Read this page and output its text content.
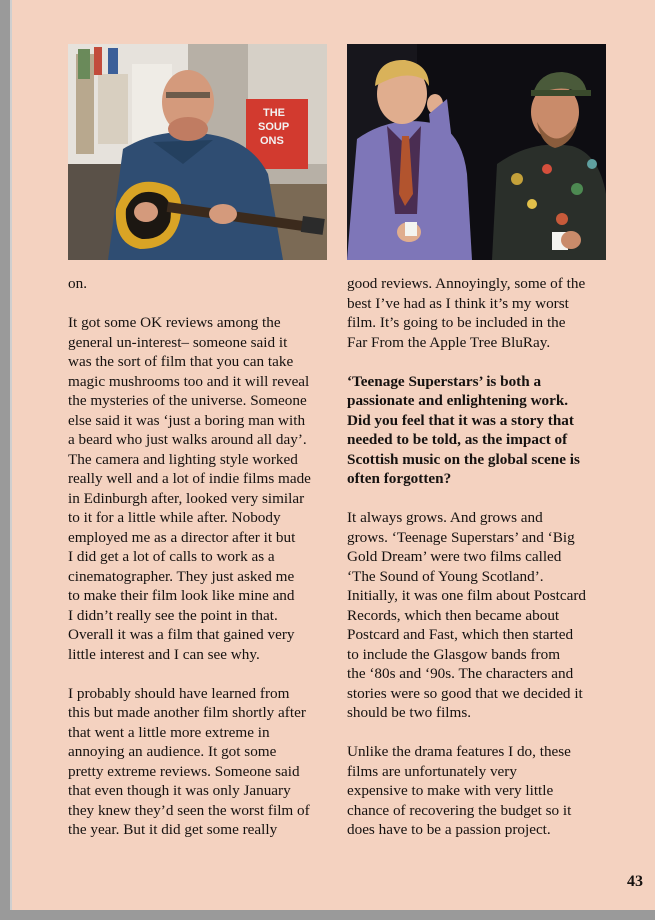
THE
SOUP
ONS

on.

It got some OK reviews among the

general un-interest– someone said it

was the sort of film that you can take

magic mushrooms too and it will reveal

the mysteries of the universe. Someone

else said it was ‘just a boring man with

a beard who just walks around all day’.

The camera and lighting style worked

really well and a lot of indie films made

in Edinburgh after, looked very similar

to it for a little while after. Nobody

employed me as a director after it but

I did get a lot of calls to work as a

cinematographer. They just asked me

to make their film look like mine and

I didn’t really see the point in that.

Overall it was a film that gained very

little interest and I can see why.

I probably should have learned from

this but made another film shortly after

that went a little more extreme in

annoying an audience. It got some

pretty extreme reviews. Someone said

that even though it was only January

they knew they’d seen the worst film of

the year. But it did get some really

good reviews. Annoyingly, some of the

best I’ve had as I think it’s my worst

film. It’s going to be included in the

Far From the Apple Tree BluRay.

‘Teenage Superstars’ is both a

passionate and enlightening work.

Did you feel that it was a story that

needed to be told, as the impact of

Scottish music on the global scene is

often forgotten?

It always grows. And grows and

grows. ‘Teenage Superstars’ and ‘Big

Gold Dream’ were two films called

‘The Sound of Young Scotland’.

Initially, it was one film about Postcard

Records, which then became about

Postcard and Fast, which then started

to include the Glasgow bands from

the ‘80s and ‘90s. The characters and

stories were so good that we decided it

should be two films.

Unlike the drama features I do, these

films are unfortunately very

expensive to make with very little

chance of recovering the budget so it

does have to be a passion project.

43
